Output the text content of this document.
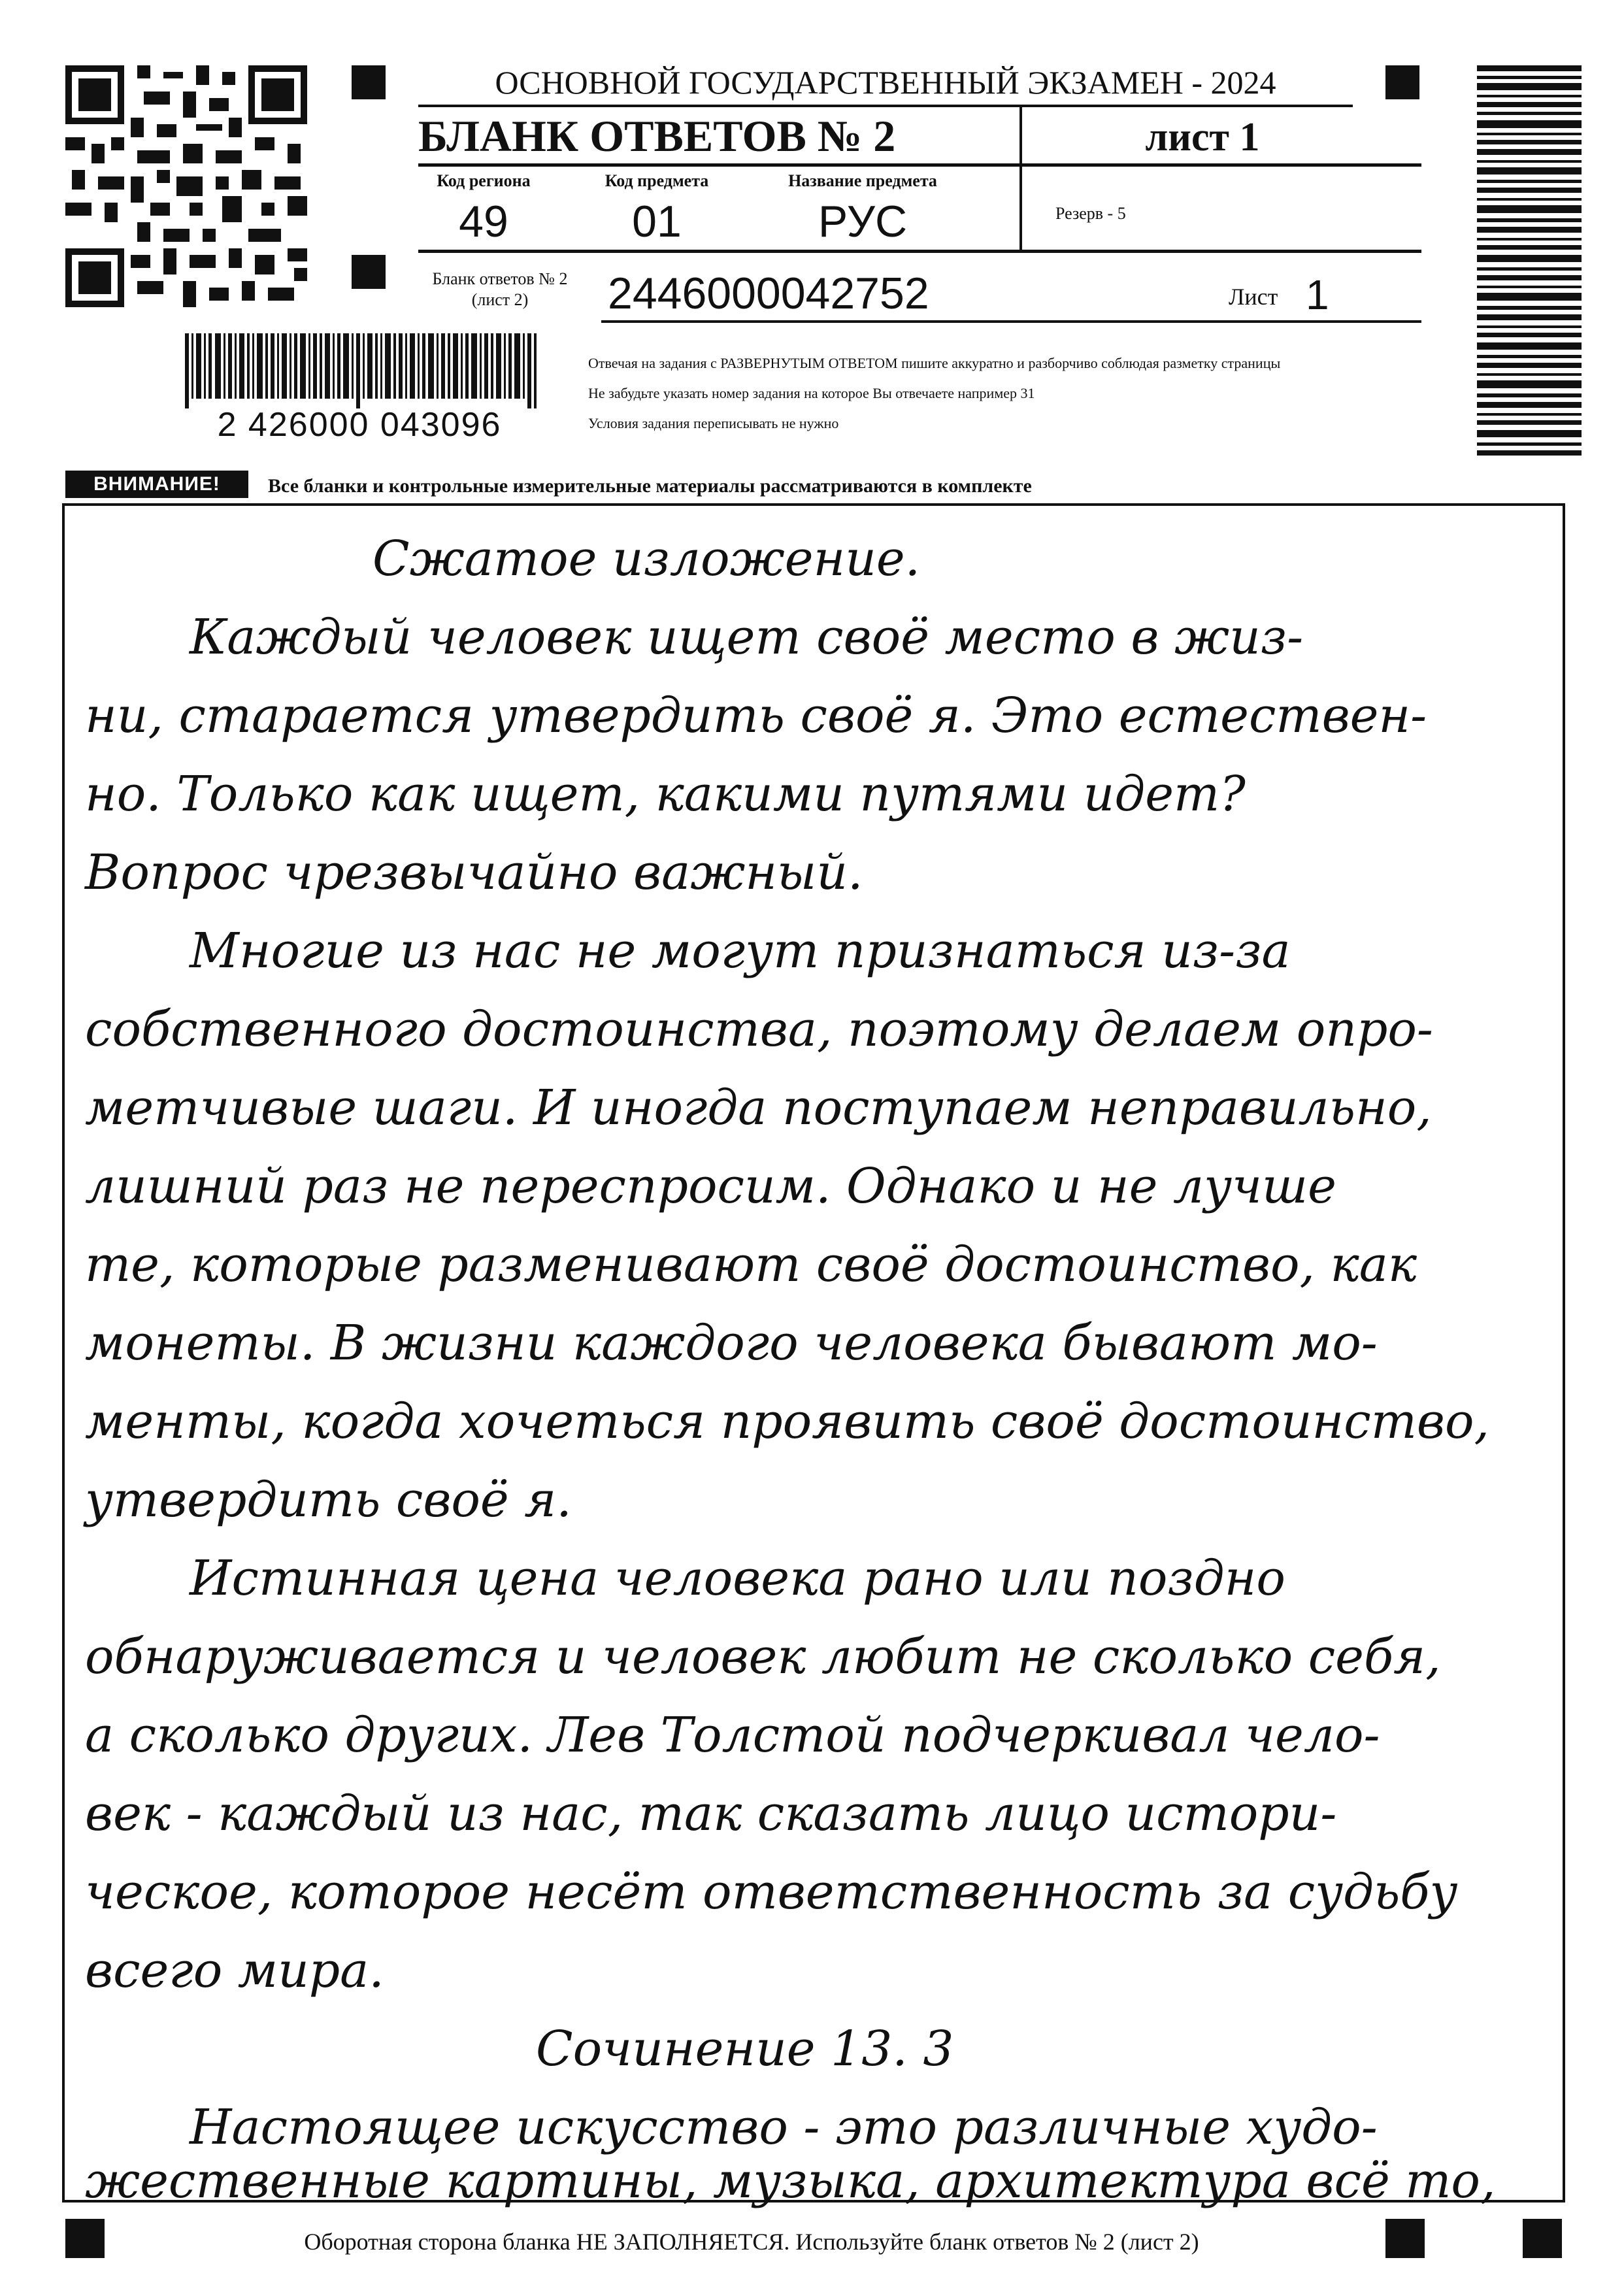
ОСНОВНОЙ ГОСУДАРСТВЕННЫЙ ЭКЗАМЕН - 2024
БЛАНК ОТВЕТОВ № 2	лист 1
Код региона	Код предмета	Название предмета
49	01	РУС	Резерв - 5
Бланк ответов № 2
(лист 2)	2446000042752	Лист 1
2 426000 043096
Отвечая на задания с РАЗВЕРНУТЫМ ОТВЕТОМ пишите аккуратно и разборчиво соблюдая разметку страницы
Не забудьте указать номер задания на которое Вы отвечаете например 31
Условия задания переписывать не нужно
ВНИМАНИЕ!	Все бланки и контрольные измерительные материалы рассматриваются в комплекте
Сжатое изложение.
Каждый человек ищет своё место в жиз-
ни, старается утвердить своё я. Это естествен-
но. Только как ищет, какими путями идет?
Вопрос чрезвычайно важный.
Многие из нас не могут признаться из-за
собственного достоинства, поэтому делаем опро-
метчивые шаги. И иногда поступаем неправильно,
лишний раз не переспросим. Однако и не лучше
те, которые разменивают своё достоинство, как
монеты. В жизни каждого человека бывают мо-
менты, когда хочеться проявить своё достоинство,
утвердить своё я.
Истинная цена человека рано или поздно
обнаруживается и человек любит не сколько себя,
а сколько других. Лев Толстой подчеркивал чело-
век - каждый из нас, так сказать лицо истори-
ческое, которое несёт ответственность за судьбу
всего мира.
Сочинение 13. 3
Настоящее искусство - это различные худо-
жественные картины, музыка, архитектура всё то,
Оборотная сторона бланка НЕ ЗАПОЛНЯЕТСЯ. Используйте бланк ответов № 2 (лист 2)
